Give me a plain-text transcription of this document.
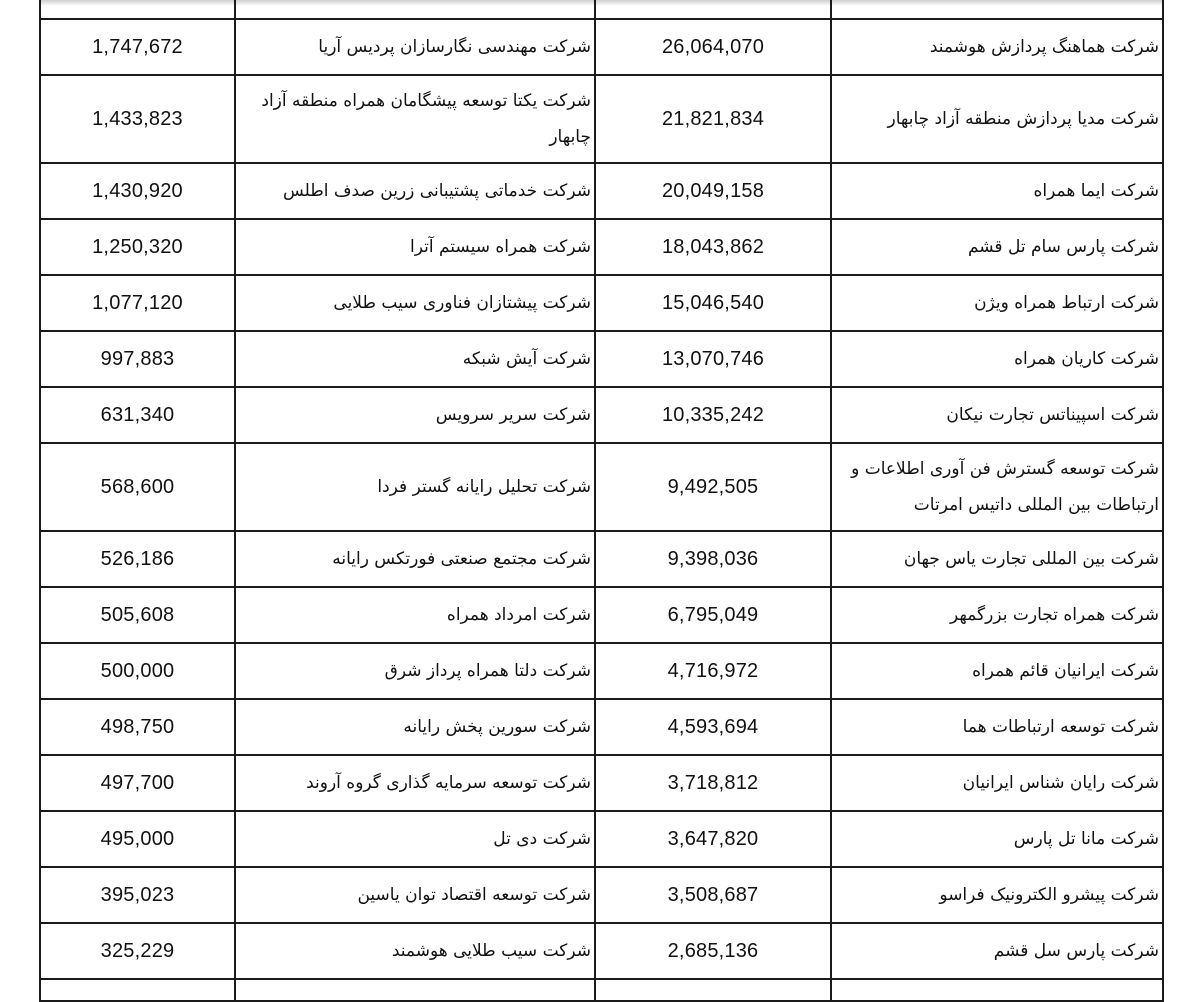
1,747,672	شرکت مهندسی نگارسازان پردیس آریا	26,064,070	شرکت هماهنگ پردازش هوشمند
1,433,823	شرکت یکتا توسعه پیشگامان همراه منطقه آزاد چابهار	21,821,834	شرکت مدیا پردازش منطقه آزاد چابهار
1,430,920	شرکت خدماتی پشتیبانی زرین صدف اطلس	20,049,158	شرکت ایما همراه
1,250,320	شرکت همراه سیستم آترا	18,043,862	شرکت پارس سام تل قشم
1,077,120	شرکت پیشتازان فناوری سیب طلایی	15,046,540	شرکت ارتباط همراه ویژن
997,883	شرکت آیش شبکه	13,070,746	شرکت کاریان همراه
631,340	شرکت سریر سرویس	10,335,242	شرکت اسپیناتس تجارت نیکان
568,600	شرکت تحلیل رایانه گستر فردا	9,492,505	شرکت توسعه گسترش فن آوری اطلاعات و ارتباطات بین المللی داتیس امرتات
526,186	شرکت مجتمع صنعتی فورتکس رایانه	9,398,036	شرکت بین المللی تجارت یاس جهان
505,608	شرکت امرداد همراه	6,795,049	شرکت همراه تجارت بزرگمهر
500,000	شرکت دلتا همراه پرداز شرق	4,716,972	شرکت ایرانیان قائم همراه
498,750	شرکت سورین پخش رایانه	4,593,694	شرکت توسعه ارتباطات هما
497,700	شرکت توسعه سرمایه گذاری گروه آروند	3,718,812	شرکت رایان شناس ایرانیان
495,000	شرکت دی تل	3,647,820	شرکت مانا تل پارس
395,023	شرکت توسعه اقتصاد توان یاسین	3,508,687	شرکت پیشرو الکترونیک فراسو
325,229	شرکت سیب طلایی هوشمند	2,685,136	شرکت پارس سل قشم
